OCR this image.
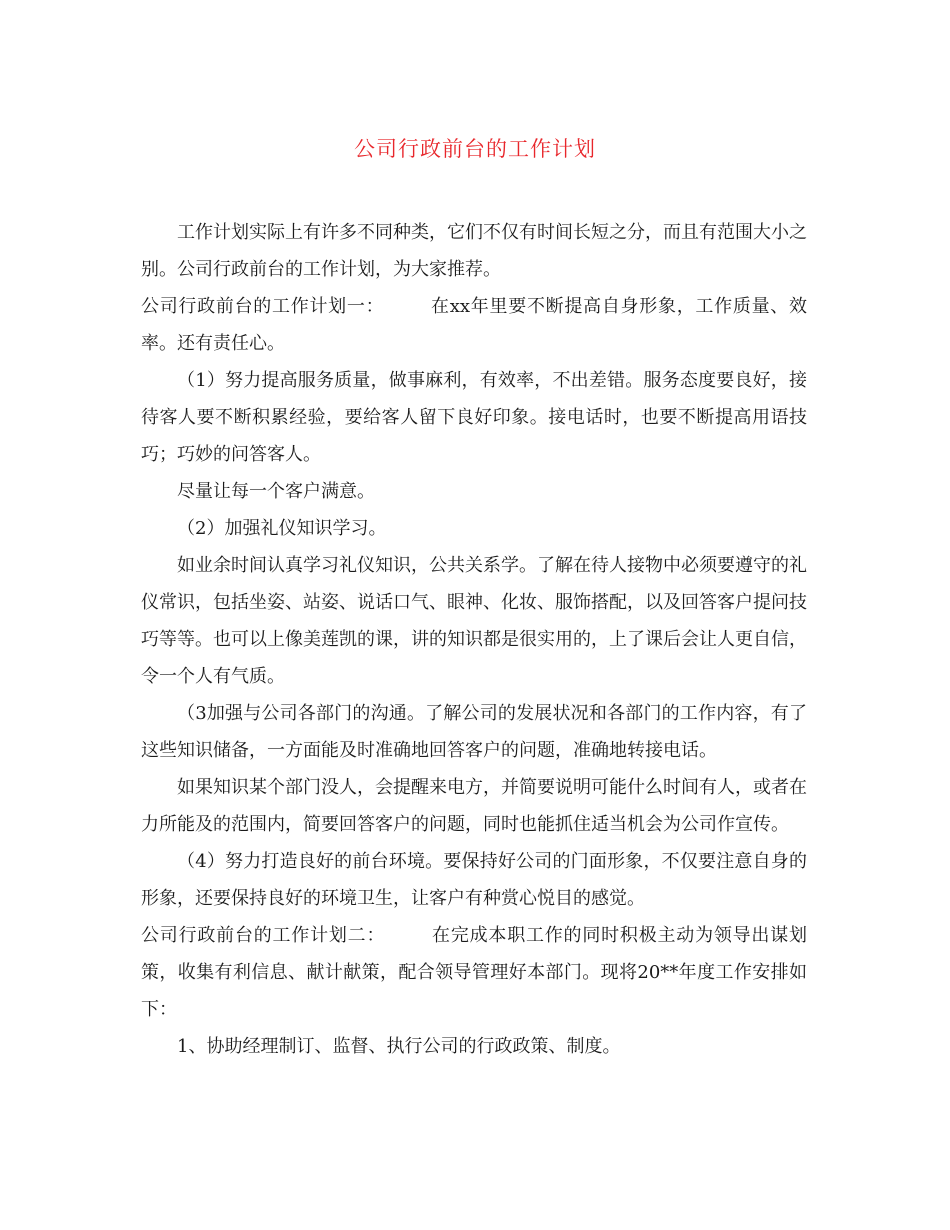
公司行政前台的工作计划

工作计划实际上有许多不同种类，它们不仅有时间长短之分，而且有范围大小之别。公司行政前台的工作计划，为大家推荐。

公司行政前台的工作计划一：	在xx年里要不断提高自身形象，工作质量、效率。还有责任心。

（1）努力提高服务质量，做事麻利，有效率，不出差错。服务态度要良好，接待客人要不断积累经验，要给客人留下良好印象。接电话时，也要不断提高用语技巧；巧妙的问答客人。

尽量让每一个客户满意。

（2）加强礼仪知识学习。

如业余时间认真学习礼仪知识，公共关系学。了解在待人接物中必须要遵守的礼仪常识，包括坐姿、站姿、说话口气、眼神、化妆、服饰搭配，以及回答客户提问技巧等等。也可以上像美莲凯的课，讲的知识都是很实用的，上了课后会让人更自信，令一个人有气质。

（3加强与公司各部门的沟通。了解公司的发展状况和各部门的工作内容，有了这些知识储备，一方面能及时准确地回答客户的问题，准确地转接电话。

如果知识某个部门没人，会提醒来电方，并简要说明可能什么时间有人，或者在力所能及的范围内，简要回答客户的问题，同时也能抓住适当机会为公司作宣传。

（4）努力打造良好的前台环境。要保持好公司的门面形象，不仅要注意自身的形象，还要保持良好的环境卫生，让客户有种赏心悦目的感觉。

公司行政前台的工作计划二：	在完成本职工作的同时积极主动为领导出谋划策，收集有利信息、献计献策，配合领导管理好本部门。现将20**年度工作安排如下：

1、协助经理制订、监督、执行公司的行政政策、制度。
